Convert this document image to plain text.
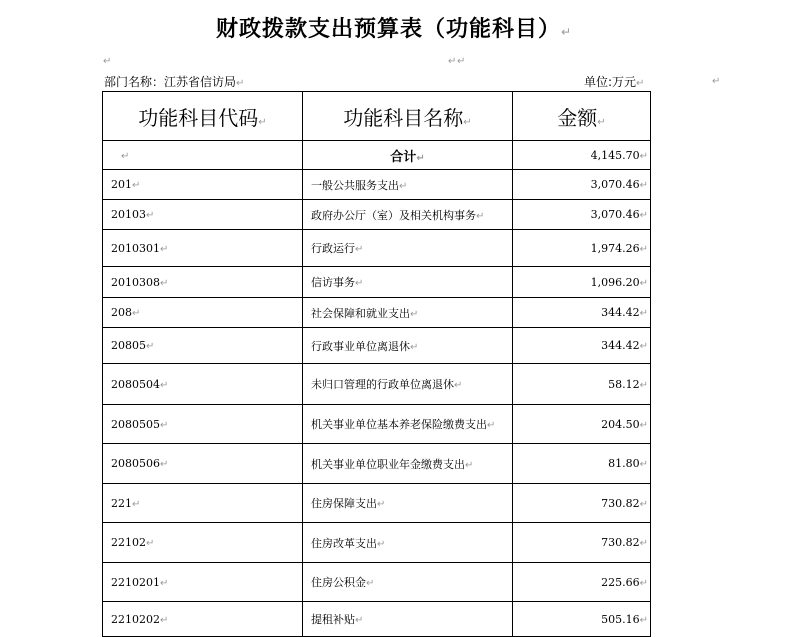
财政拨款支出预算表（功能科目）↵
↵	↵ ↵
↵
部门名称：江苏省信访局↵	单位:万元↵
功能科目代码↵	功能科目名称↵	金额↵
↵	合计↵	4,145.70↵
201↵	一般公共服务支出↵	3,070.46↵
20103↵	政府办公厅（室）及相关机构事务↵	3,070.46↵
2010301↵	行政运行↵	1,974.26↵
2010308↵	信访事务↵	1,096.20↵
208↵	社会保障和就业支出↵	344.42↵
20805↵	行政事业单位离退休↵	344.42↵
2080504↵	未归口管理的行政单位离退休↵	58.12↵
2080505↵	机关事业单位基本养老保险缴费支出↵	204.50↵
2080506↵	机关事业单位职业年金缴费支出↵	81.80↵
221↵	住房保障支出↵	730.82↵
22102↵	住房改革支出↵	730.82↵
2210201↵	住房公积金↵	225.66↵
2210202↵	提租补贴↵	505.16↵
